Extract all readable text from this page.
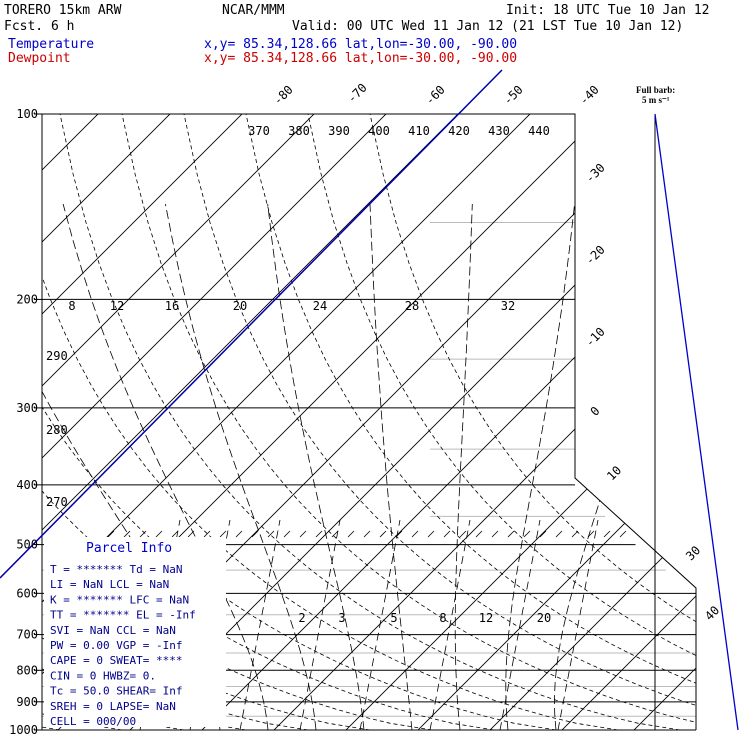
TORERO 15km ARW	NCAR/MMM	Init: 18 UTC Tue 10 Jan 12
Fcst. 6 h	Valid: 00 UTC Wed 11 Jan 12 (21 LST Tue 10 Jan 12)
Temperature	x,y= 85.34,128.66 lat,lon=-30.00, -90.00
Dewpoint	x,y= 85.34,128.66 lat,lon=-30.00, -90.00
100
200
300
400
500
600
700
800
900
1000
-80	-70	-60	-50	-40
-30
-20
-10
0
10
30
40
370 380 390 400 410 420 430 440
8	12	16	20	24	28	32
2	3	5	8	12	20
290
280
270
Parcel Info
T = ******* Td = NaN
LI = NaN LCL = NaN
K = ******* LFC = NaN
TT = ******* EL = -Inf
SVI = NaN CCL = NaN
PW = 0.00 VGP = -Inf
CAPE = 0 SWEAT= ****
CIN = 0 HWBZ= 0.
Tc = 50.0 SHEAR= Inf
SREH = 0 LAPSE= NaN
CELL = 000/00
Full barb:
5 m s⁻¹
